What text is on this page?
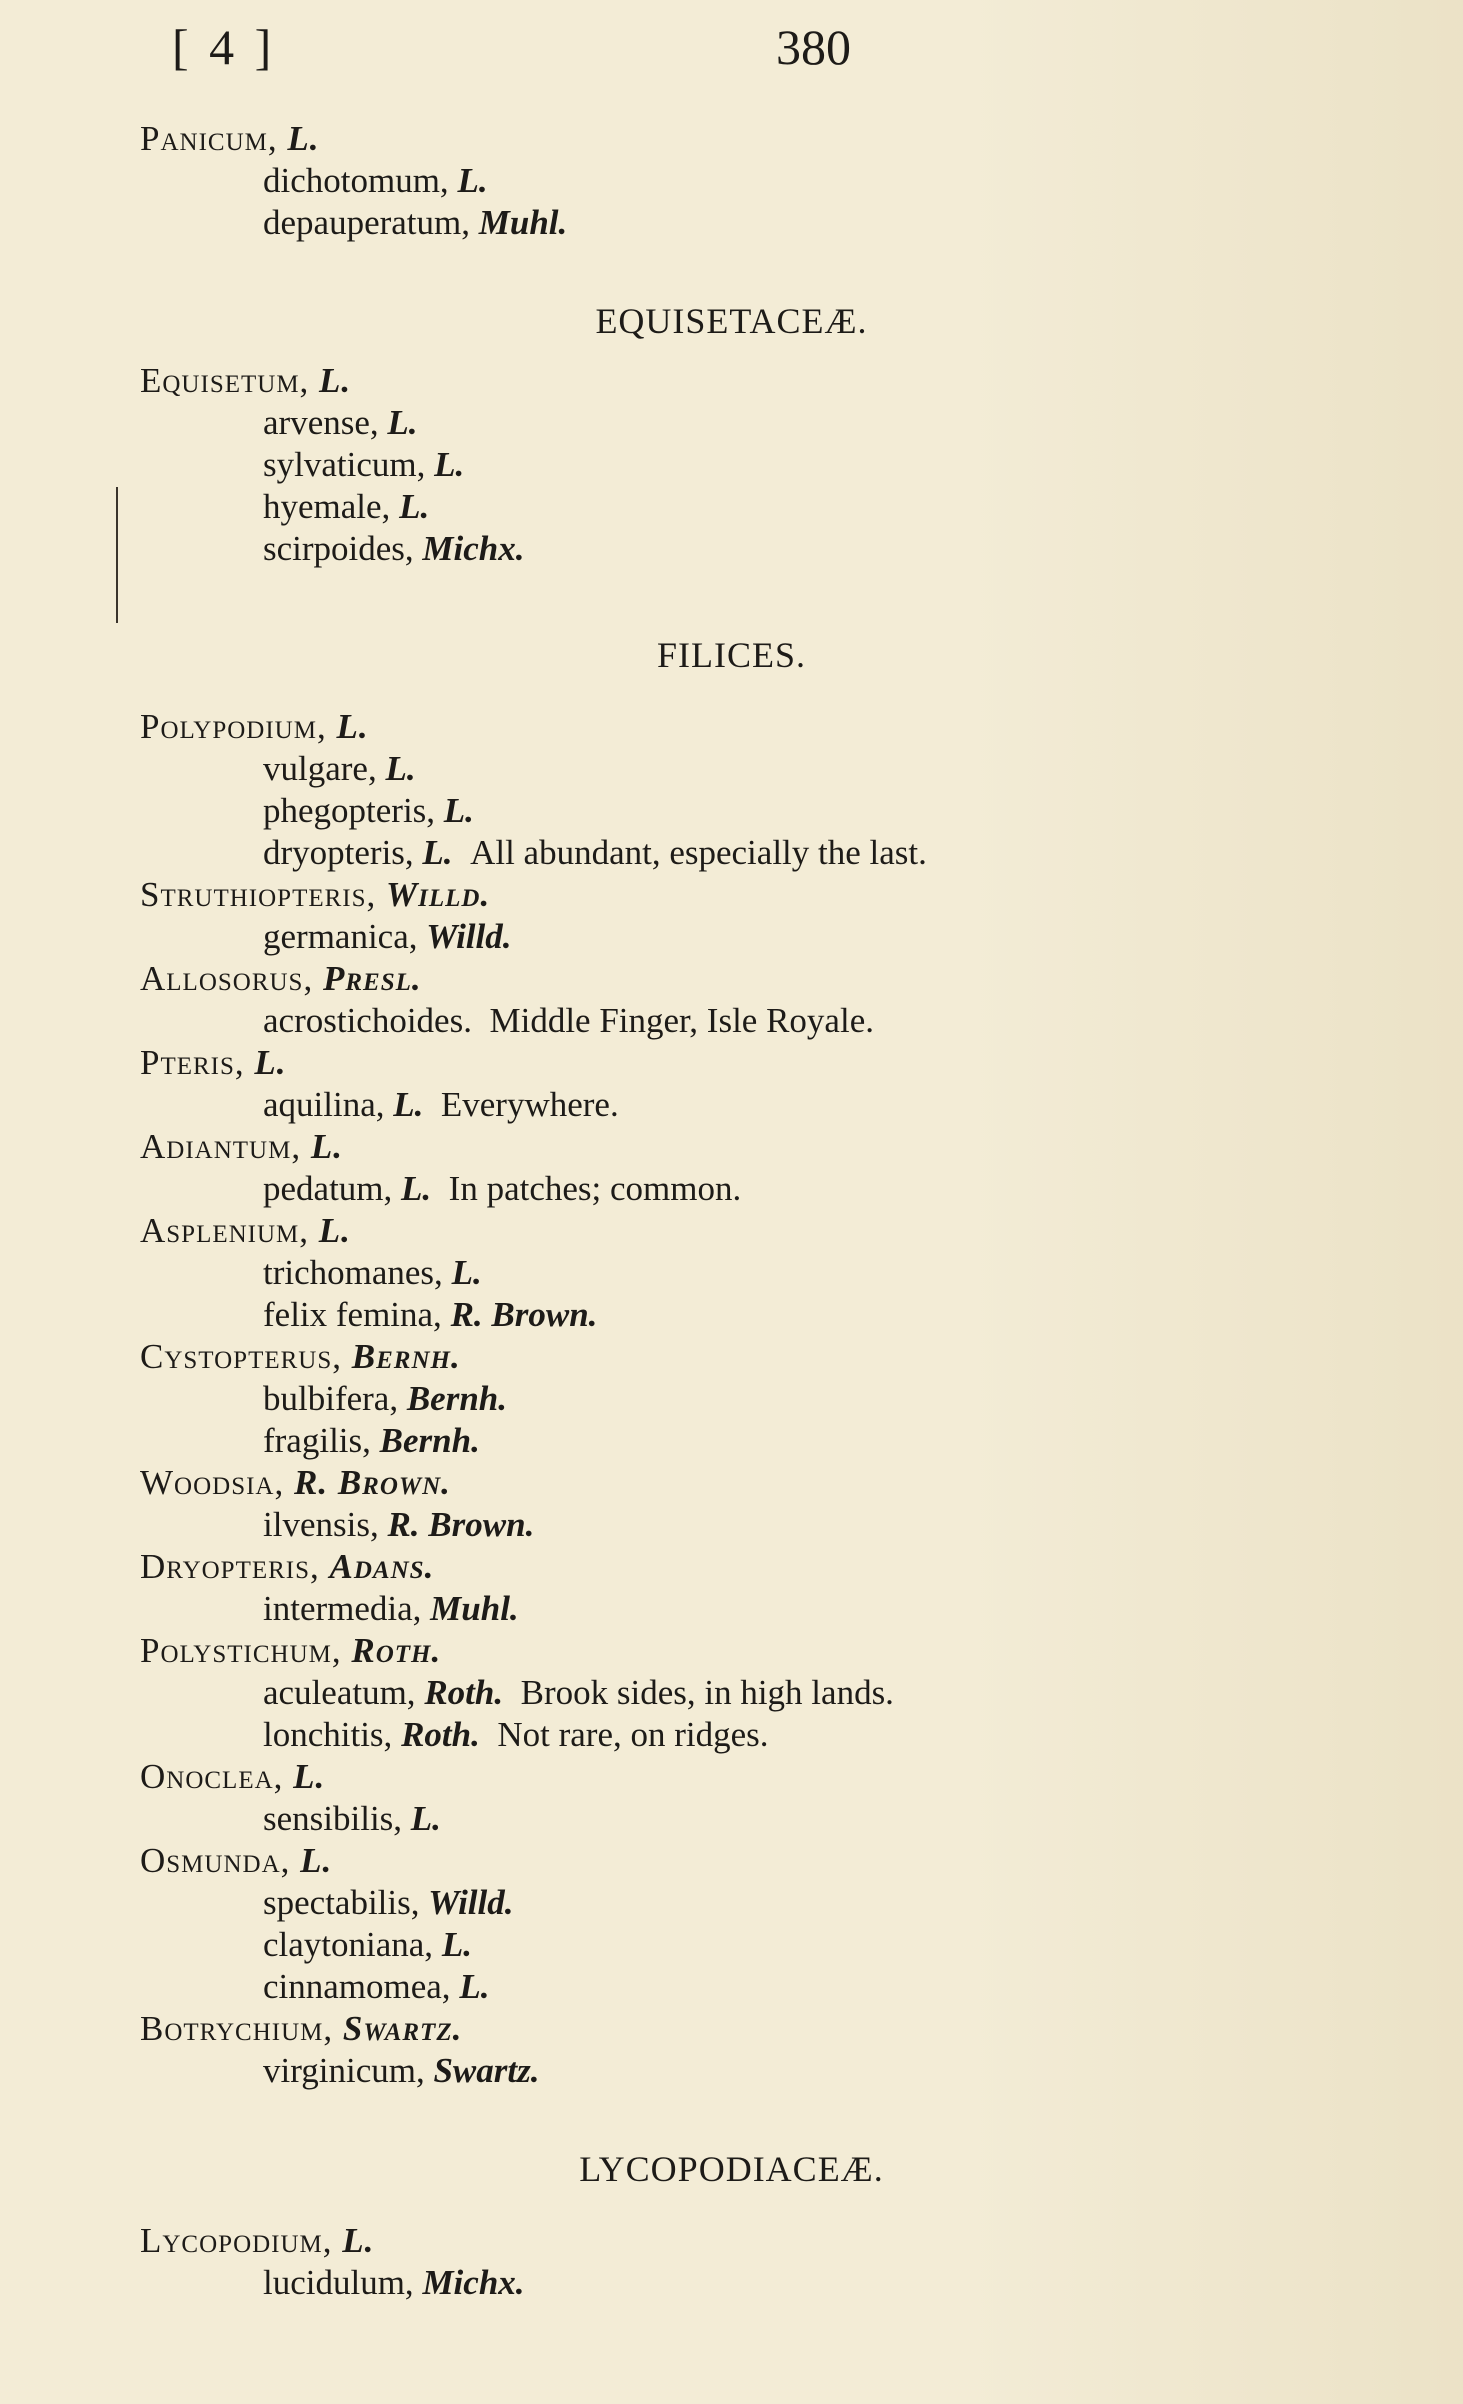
[ 4 ]	380
Panicum, L.
dichotomum, L.
depauperatum, Muhl.
EQUISETACEÆ.
Equisetum, L.
arvense, L.
sylvaticum, L.
hyemale, L.
scirpoides, Michx.
FILICES.
Polypodium, L.
vulgare, L.
phegopteris, L.
dryopteris, L. All abundant, especially the last.
Struthiopteris, Willd.
germanica, Willd.
Allosorus, Presl.
acrostichoides. Middle Finger, Isle Royale.
Pteris, L.
aquilina, L. Everywhere.
Adiantum, L.
pedatum, L. In patches; common.
Asplenium, L.
trichomanes, L.
felix femina, R. Brown.
Cystopterus, Bernh.
bulbifera, Bernh.
fragilis, Bernh.
Woodsia, R. Brown.
ilvensis, R. Brown.
Dryopteris, Adans.
intermedia, Muhl.
Polystichum, Roth.
aculeatum, Roth. Brook sides, in high lands.
lonchitis, Roth. Not rare, on ridges.
Onoclea, L.
sensibilis, L.
Osmunda, L.
spectabilis, Willd.
claytoniana, L.
cinnamomea, L.
Botrychium, Swartz.
virginicum, Swartz.
LYCOPODIACEÆ.
Lycopodium, L.
lucidulum, Michx.
